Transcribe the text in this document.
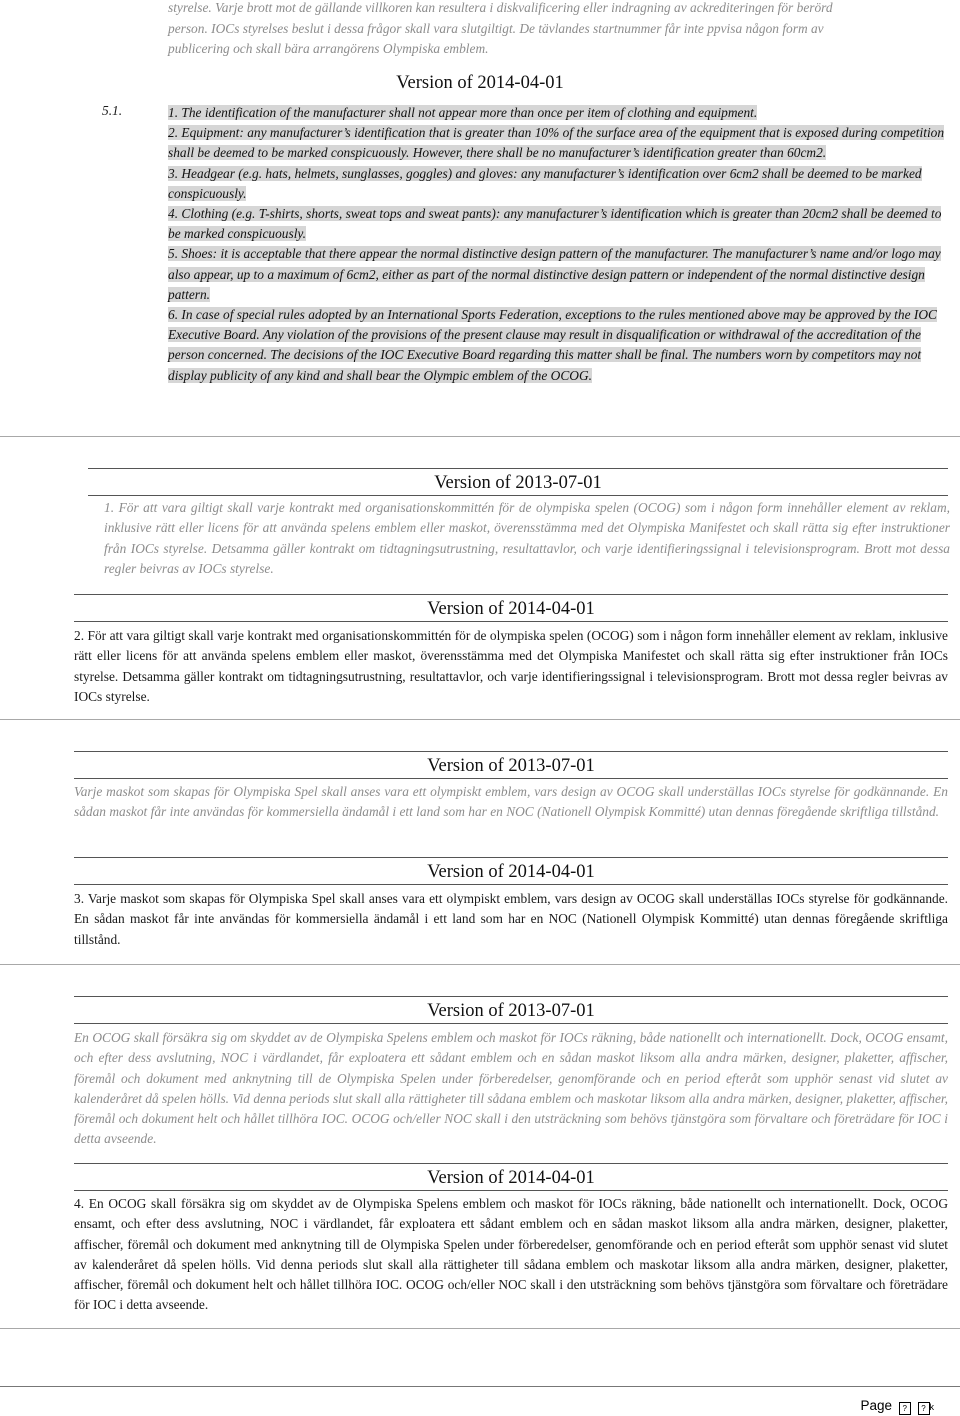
styrelse. Varje brott mot de gällande villkoren kan resultera i diskvalificering eller indragning av ackrediteringen för berörd
person. IOCs styrelses beslut i dessa frågor skall vara slutgiltigt. De tävlandes startnummer får inte ppvisa någon form av
publicering och skall bära arrangörens Olympiska emblem.
Version of 2014-04-01
5.1.	1. The identification of the manufacturer shall not appear more than once per item of clothing and equipment.

2. Equipment: any manufacturer’s identification that is greater than 10% of the surface area of the equipment that is exposed during competition shall be deemed to be marked conspicuously. However, there shall be no manufacturer’s identification greater than 60cm2.

3. Headgear (e.g. hats, helmets, sunglasses, goggles) and gloves: any manufacturer’s identification over 6cm2 shall be deemed to be marked conspicuously.

4. Clothing (e.g. T-shirts, shorts, sweat tops and sweat pants): any manufacturer’s identification which is greater than 20cm2 shall be deemed to be marked conspicuously.

5. Shoes: it is acceptable that there appear the normal distinctive design pattern of the manufacturer. The manufacturer’s name and/or logo may also appear, up to a maximum of 6cm2, either as part of the normal distinctive design pattern or independent of the normal distinctive design pattern.

6. In case of special rules adopted by an International Sports Federation, exceptions to the rules mentioned above may be approved by the IOC Executive Board. Any violation of the provisions of the present clause may result in disqualification or withdrawal of the accreditation of the person concerned. The decisions of the IOC Executive Board regarding this matter shall be final. The numbers worn by competitors may not display publicity of any kind and shall bear the Olympic emblem of the OCOG.

Version of 2013-07-01

1. För att vara giltigt skall varje kontrakt med organisationskommittén för de olympiska spelen (OCOG) som i någon form innehåller element av reklam, inklusive rätt eller licens för att använda spelens emblem eller maskot, överensstämma med det Olympiska Manifestet och skall rätta sig efter instruktioner från IOCs styrelse. Detsamma gäller kontrakt om tidtagningsutrustning, resultattavlor, och varje identifieringssignal i televisionsprogram. Brott mot dessa regler beivras av IOCs styrelse.

Version of 2014-04-01

2. För att vara giltigt skall varje kontrakt med organisationskommittén för de olympiska spelen (OCOG) som i någon form innehåller element av reklam, inklusive rätt eller licens för att använda spelens emblem eller maskot, överensstämma med det Olympiska Manifestet och skall rätta sig efter instruktioner från IOCs styrelse. Detsamma gäller kontrakt om tidtagningsutrustning, resultattavlor, och varje identifieringssignal i televisionsprogram. Brott mot dessa regler beivras av IOCs styrelse.

Version of 2013-07-01

Varje maskot som skapas för Olympiska Spel skall anses vara ett olympiskt emblem, vars design av OCOG skall underställas IOCs styrelse för godkännande. En sådan maskot får inte användas för kommersiella ändamål i ett land som har en NOC (Nationell Olympisk Kommitté) utan dennas föregående skriftliga tillstånd.

Version of 2014-04-01

3. Varje maskot som skapas för Olympiska Spel skall anses vara ett olympiskt emblem, vars design av OCOG skall underställas IOCs styrelse för godkännande. En sådan maskot får inte användas för kommersiella ändamål i ett land som har en NOC (Nationell Olympisk Kommitté) utan dennas föregående skriftliga tillstånd.

Version of 2013-07-01

En OCOG skall försäkra sig om skyddet av de Olympiska Spelens emblem och maskot för IOCs räkning, både nationellt och internationellt. Dock, OCOG ensamt, och efter dess avslutning, NOC i värdlandet, får exploatera ett sådant emblem och en sådan maskot liksom alla andra märken, designer, plaketter, affischer, föremål och dokument med anknytning till de Olympiska Spelen under förberedelser, genomförande och en period efteråt som upphör senast vid slutet av kalenderåret då spelen hölls. Vid denna periods slut skall alla rättigheter till sådana emblem och maskotar liksom alla andra märken, designer, plaketter, affischer, föremål och dokument helt och hållet tillhöra IOC. OCOG och/eller NOC skall i den utsträckning som behövs tjänstgöra som förvaltare och företrädare för IOC i detta avseende.

Version of 2014-04-01

4. En OCOG skall försäkra sig om skyddet av de Olympiska Spelens emblem och maskot för IOCs räkning, både nationellt och internationellt. Dock, OCOG ensamt, och efter dess avslutning, NOC i värdlandet, får exploatera ett sådant emblem och en sådan maskot liksom alla andra märken, designer, plaketter, affischer, föremål och dokument med anknytning till de Olympiska Spelen under förberedelser, genomförande och en period efteråt som upphör senast vid slutet av kalenderåret då spelen hölls. Vid denna periods slut skall alla rättigheter till sådana emblem och maskotar liksom alla andra märken, designer, plaketter, affischer, föremål och dokument helt och hållet tillhöra IOC. OCOG och/eller NOC skall i den utsträckning som behövs tjänstgöra som förvaltare och företrädare för IOC i detta avseende.

Page ? ? k
